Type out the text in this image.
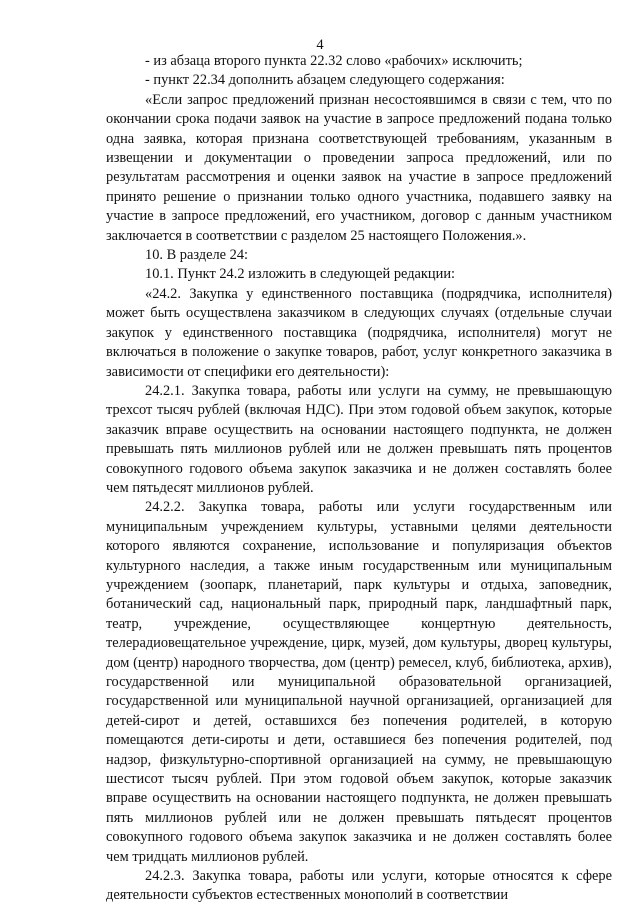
4

- из абзаца второго пункта 22.32 слово «рабочих» исключить;

- пункт 22.34 дополнить абзацем следующего содержания:

«Если запрос предложений признан несостоявшимся в связи с тем, что по окончании срока подачи заявок на участие в запросе предложений подана только одна заявка, которая признана соответствующей требованиям, указанным в извещении и документации о проведении запроса предложений, или по результатам рассмотрения и оценки заявок на участие в запросе предложений принято решение о признании только одного участника, подавшего заявку на участие в запросе предложений, его участником, договор с данным участником заключается в соответствии с разделом 25 настоящего Положения.».

10. В разделе 24:

10.1. Пункт 24.2 изложить в следующей редакции:

«24.2. Закупка у единственного поставщика (подрядчика, исполнителя) может быть осуществлена заказчиком в следующих случаях (отдельные случаи закупок у единственного поставщика (подрядчика, исполнителя) могут не включаться в положение о закупке товаров, работ, услуг конкретного заказчика в зависимости от специфики его деятельности):

24.2.1. Закупка товара, работы или услуги на сумму, не превышающую трехсот тысяч рублей (включая НДС). При этом годовой объем закупок, которые заказчик вправе осуществить на основании настоящего подпункта, не должен превышать пять миллионов рублей или не должен превышать пять процентов совокупного годового объема закупок заказчика и не должен составлять более чем пятьдесят миллионов рублей.

24.2.2. Закупка товара, работы или услуги государственным или муниципальным учреждением культуры, уставными целями деятельности которого являются сохранение, использование и популяризация объектов культурного наследия, а также иным государственным или муниципальным учреждением (зоопарк, планетарий, парк культуры и отдыха, заповедник, ботанический сад, национальный парк, природный парк, ландшафтный парк, театр, учреждение, осуществляющее концертную деятельность, телерадиовещательное учреждение, цирк, музей, дом культуры, дворец культуры, дом (центр) народного творчества, дом (центр) ремесел, клуб, библиотека, архив), государственной или муниципальной образовательной организацией, государственной или муниципальной научной организацией, организацией для детей-сирот и детей, оставшихся без попечения родителей, в которую помещаются дети-сироты и дети, оставшиеся без попечения родителей, под надзор, физкультурно-спортивной организацией на сумму, не превышающую шестисот тысяч рублей. При этом годовой объем закупок, которые заказчик вправе осуществить на основании настоящего подпункта, не должен превышать пять миллионов рублей или не должен превышать пятьдесят процентов совокупного годового объема закупок заказчика и не должен составлять более чем тридцать миллионов рублей.

24.2.3. Закупка товара, работы или услуги, которые относятся к сфере деятельности субъектов естественных монополий в соответствии
